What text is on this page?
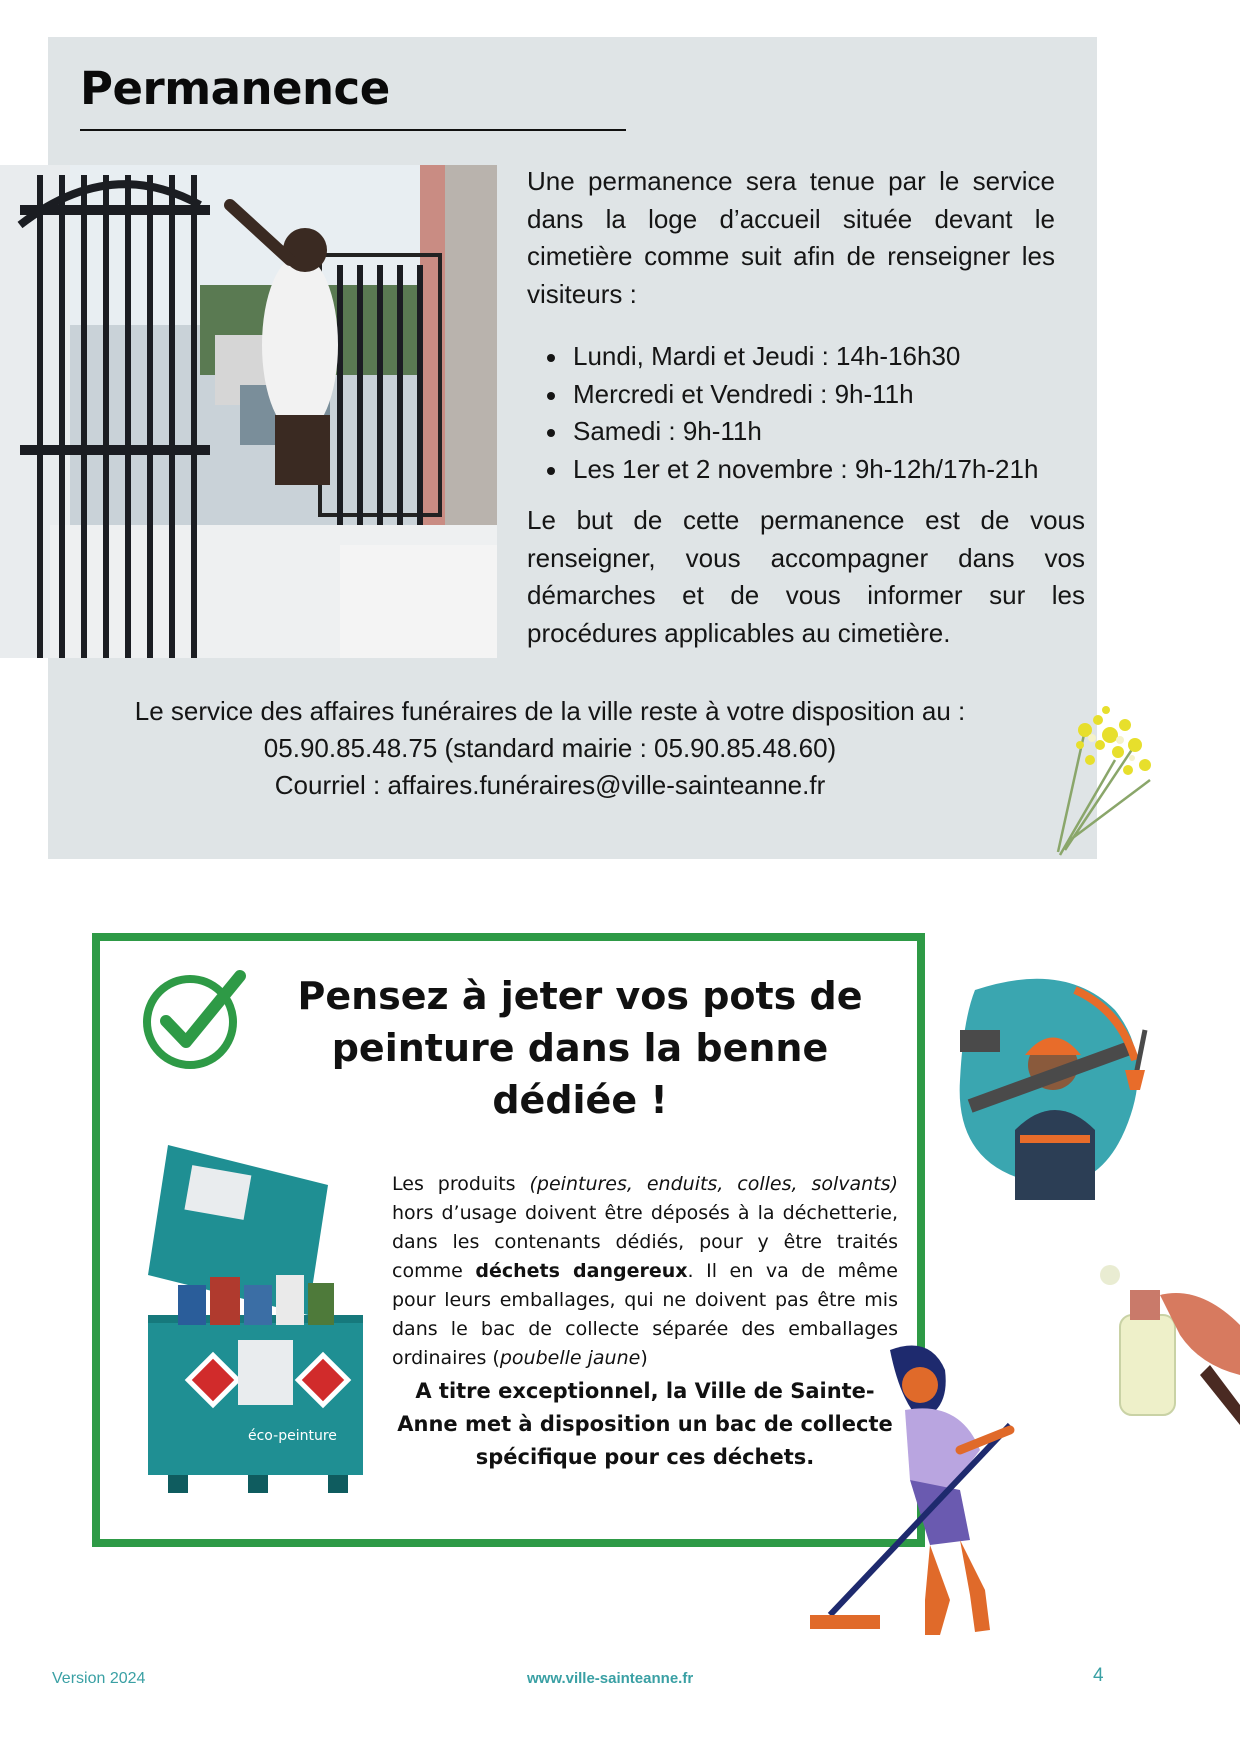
Permanence

Une permanence sera tenue par le service dans la loge d’accueil située devant le cimetière comme suit afin de renseigner les visiteurs :

Lundi, Mardi et Jeudi : 14h-16h30
Mercredi et Vendredi : 9h-11h
Samedi : 9h-11h
Les 1er et 2 novembre : 9h-12h/17h-21h

Le but de cette permanence est de vous renseigner, vous accompagner dans vos démarches et de vous informer sur les procédures applicables au cimetière.

Le service des affaires funéraires de la ville reste à votre disposition au :
05.90.85.48.75 (standard mairie : 05.90.85.48.60)
Courriel : affaires.funéraires@ville-sainteanne.fr
Pensez à jeter vos pots de peinture dans la benne dédiée !
éco-peinture

Les produits (peintures, enduits, colles, solvants) hors d’usage doivent être déposés à la déchetterie, dans les contenants dédiés, pour y être traités comme déchets dangereux. Il en va de même pour leurs emballages, qui ne doivent pas être mis dans le bac de collecte séparée des emballages ordinaires (poubelle jaune)

A titre exceptionnel, la Ville de Sainte-Anne met à disposition un bac de collecte spécifique pour ces déchets.

Version 2024	www.ville-sainteanne.fr	4
